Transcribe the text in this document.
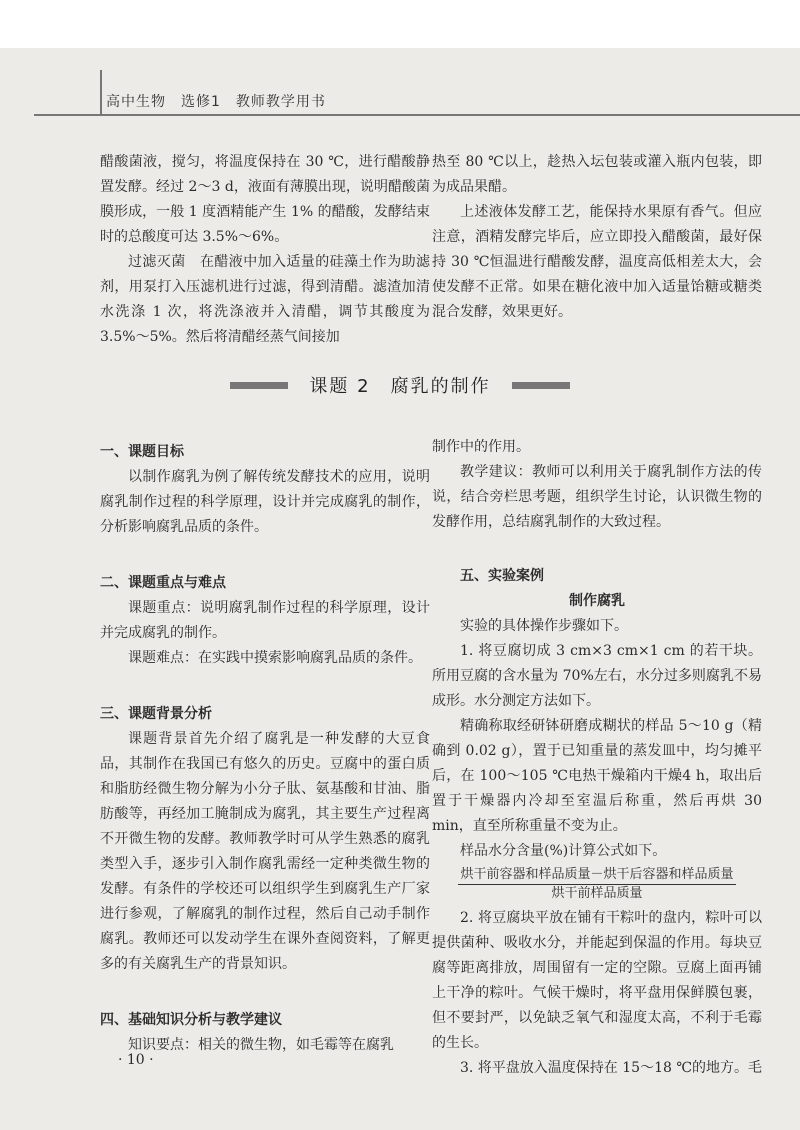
高中生物　选修1　教师教学用书

醋酸菌液，搅匀，将温度保持在 30 ℃，进行醋酸静置发酵。经过 2～3 d，液面有薄膜出现，说明醋酸菌膜形成，一般 1 度酒精能产生 1% 的醋酸，发酵结束时的总酸度可达 3.5%～6%。

过滤灭菌　在醋液中加入适量的硅藻土作为助滤剂，用泵打入压滤机进行过滤，得到清醋。滤渣加清水洗涤 1 次，将洗涤液并入清醋，调节其酸度为 3.5%～5%。然后将清醋经蒸气间接加

热至 80 ℃以上，趁热入坛包装或灌入瓶内包装，即为成品果醋。

上述液体发酵工艺，能保持水果原有香气。但应注意，酒精发酵完毕后，应立即投入醋酸菌，最好保持 30 ℃恒温进行醋酸发酵，温度高低相差太大，会使发酵不正常。如果在糖化液中加入适量饴糖或糖类混合发酵，效果更好。

课题 2　腐乳的制作
一、课题目标

以制作腐乳为例了解传统发酵技术的应用，说明腐乳制作过程的科学原理，设计并完成腐乳的制作，分析影响腐乳品质的条件。

二、课题重点与难点

课题重点：说明腐乳制作过程的科学原理，设计并完成腐乳的制作。

课题难点：在实践中摸索影响腐乳品质的条件。

三、课题背景分析

课题背景首先介绍了腐乳是一种发酵的大豆食品，其制作在我国已有悠久的历史。豆腐中的蛋白质和脂肪经微生物分解为小分子肽、氨基酸和甘油、脂肪酸等，再经加工腌制成为腐乳，其主要生产过程离不开微生物的发酵。教师教学时可从学生熟悉的腐乳类型入手，逐步引入制作腐乳需经一定种类微生物的发酵。有条件的学校还可以组织学生到腐乳生产厂家进行参观，了解腐乳的制作过程，然后自己动手制作腐乳。教师还可以发动学生在课外查阅资料，了解更多的有关腐乳生产的背景知识。

四、基础知识分析与教学建议

知识要点：相关的微生物，如毛霉等在腐乳

制作中的作用。

教学建议：教师可以利用关于腐乳制作方法的传说，结合旁栏思考题，组织学生讨论，认识微生物的发酵作用，总结腐乳制作的大致过程。

五、实验案例

制作腐乳

实验的具体操作步骤如下。

1. 将豆腐切成 3 cm×3 cm×1 cm 的若干块。所用豆腐的含水量为 70%左右，水分过多则腐乳不易成形。水分测定方法如下。

精确称取经研钵研磨成糊状的样品 5～10 g（精确到 0.02 g），置于已知重量的蒸发皿中，均匀摊平后，在 100～105 ℃电热干燥箱内干燥4 h，取出后置于干燥器内冷却至室温后称重，然后再烘 30 min，直至所称重量不变为止。

样品水分含量(%)计算公式如下。

烘干前容器和样品质量－烘干后容器和样品质量
烘干前样品质量

2. 将豆腐块平放在铺有干粽叶的盘内，粽叶可以提供菌种、吸收水分，并能起到保温的作用。每块豆腐等距离排放，周围留有一定的空隙。豆腐上面再铺上干净的粽叶。气候干燥时，将平盘用保鲜膜包裹，但不要封严，以免缺乏氧气和湿度太高，不利于毛霉的生长。

3. 将平盘放入温度保持在 15～18 ℃的地方。毛

· 10 ·
